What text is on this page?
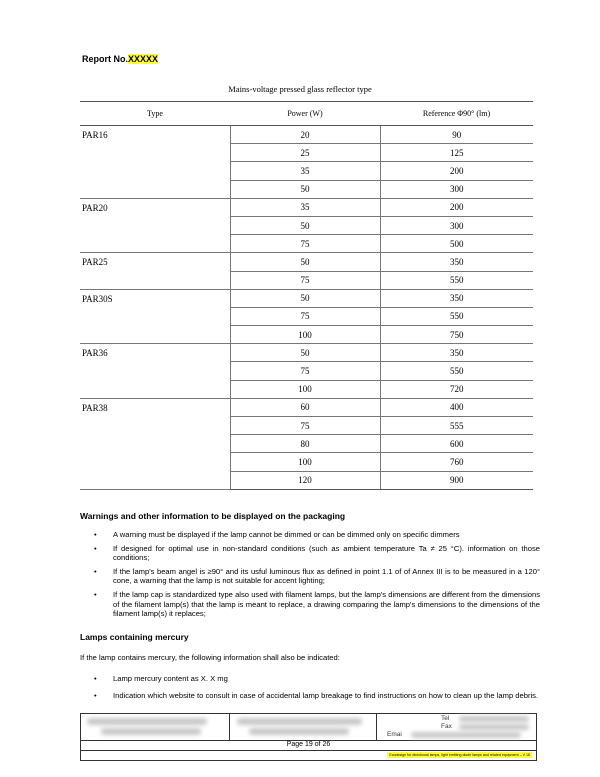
Report No.XXXXX
Mains-voltage pressed glass reflector type
Type	Power (W)	Reference Φ90° (lm)
PAR16	20	90
	25	125
	35	200
	50	300
PAR20	35	200
	50	300
	75	500
PAR25	50	350
	75	550
PAR30S	50	350
	75	550
	100	750
PAR36	50	350
	75	550
	100	720
PAR38	60	400
	75	555
	80	600
	100	760
	120	900
Warnings and other information to be displayed on the packaging
• A warning must be displayed if the lamp cannot be dimmed or can be dimmed only on specific dimmers
• If designed for optimal use in non-standard conditions (such as ambient temperature Ta ≠ 25 °C). information on those conditions;
• If the lamp's beam angel is ≥90° and its usful luminous flux as defined in point 1.1 of of Annex III is to be measured in a 120° cone, a warning that the lamp is not suitable for accent lighting;
• If the lamp cap is standardized type also used with filament lamps, but the lamp's dimensions are different from the dimensions of the filament lamp(s) that the lamp is meant to replace, a drawing comparing the lamp's dimensions to the dimensions of the filament lamp(s) it replaces;
Lamps containing mercury
If the lamp contains mercury, the following information shall also be indicated:
• Lamp mercury content as X. X mg
• Indication which website to consult in case of accidental lamp breakage to find instructions on how to clean up the lamp debris.
Tel
Fax
Emai
Page 19 of 26
Ecodesign for directional lamps, light emitting diode lamps and related equipment – V 16
